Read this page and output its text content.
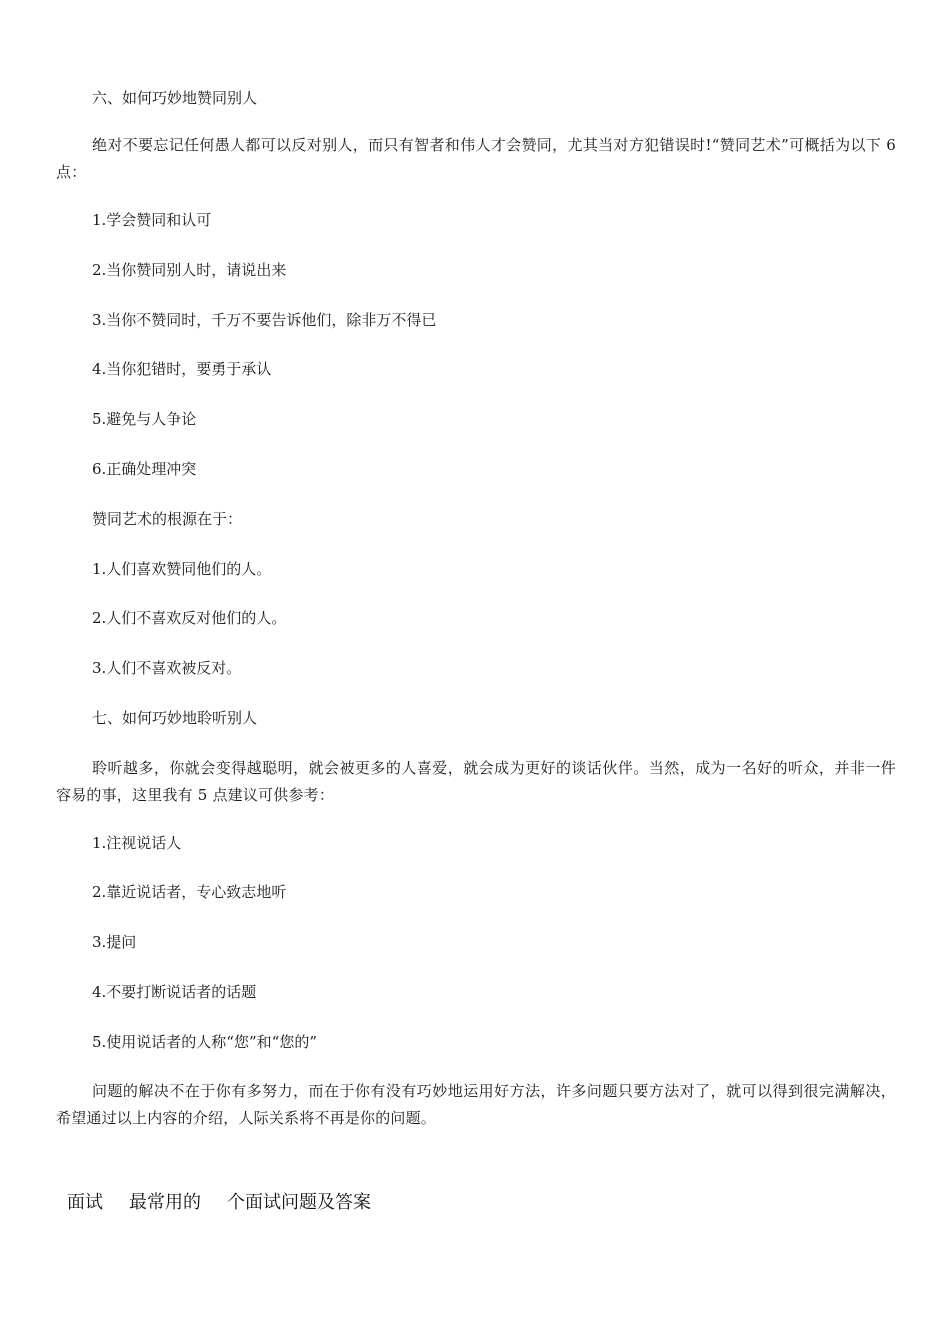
六、如何巧妙地赞同别人
绝对不要忘记任何愚人都可以反对别人，而只有智者和伟人才会赞同，尤其当对方犯错误时!“赞同艺术”可概括为以下 6 点：
1.学会赞同和认可
2.当你赞同别人时，请说出来
3.当你不赞同时，千万不要告诉他们，除非万不得已
4.当你犯错时，要勇于承认
5.避免与人争论
6.正确处理冲突
赞同艺术的根源在于：
1.人们喜欢赞同他们的人。
2.人们不喜欢反对他们的人。
3.人们不喜欢被反对。
七、如何巧妙地聆听别人
聆听越多，你就会变得越聪明，就会被更多的人喜爱，就会成为更好的谈话伙伴。当然，成为一名好的听众，并非一件容易的事，这里我有 5 点建议可供参考：
1.注视说话人
2.靠近说话者，专心致志地听
3.提问
4.不要打断说话者的话题
5.使用说话者的人称“您”和“您的”
问题的解决不在于你有多努力，而在于你有没有巧妙地运用好方法，许多问题只要方法对了，就可以得到很完满解决，希望通过以上内容的介绍，人际关系将不再是你的问题。
面试 最常用的 个面试问题及答案
